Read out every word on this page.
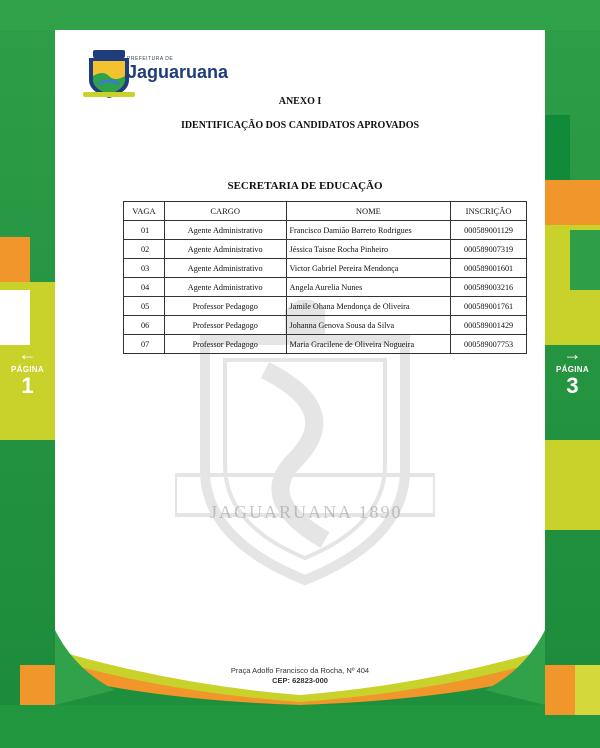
←
PÁGINA
1
→
PÁGINA
3
PREFEITURA DE
Jaguaruana
JAGUARUANA 1890
ANEXO I
IDENTIFICAÇÃO DOS CANDIDATOS APROVADOS
SECRETARIA DE EDUCAÇÃO
VAGA	CARGO	NOME	INSCRIÇÃO
01	Agente Administrativo	Francisco Damião Barreto Rodrigues	000589001129
02	Agente Administrativo	Jéssica Taisne Rocha Pinheiro	000589007319
03	Agente Administrativo	Victor Gabriel Pereira Mendonça	000589001601
04	Agente Administrativo	Angela Aurelia Nunes	000589003216
05	Professor Pedagogo	Jamile Ohana Mendonça de Oliveira	000589001761
06	Professor Pedagogo	Johanna Genova Sousa da Silva	000589001429
07	Professor Pedagogo	Maria Gracilene de Oliveira Nogueira	000589007753
Praça Adolfo Francisco da Rocha, Nº 404
CEP: 62823-000
